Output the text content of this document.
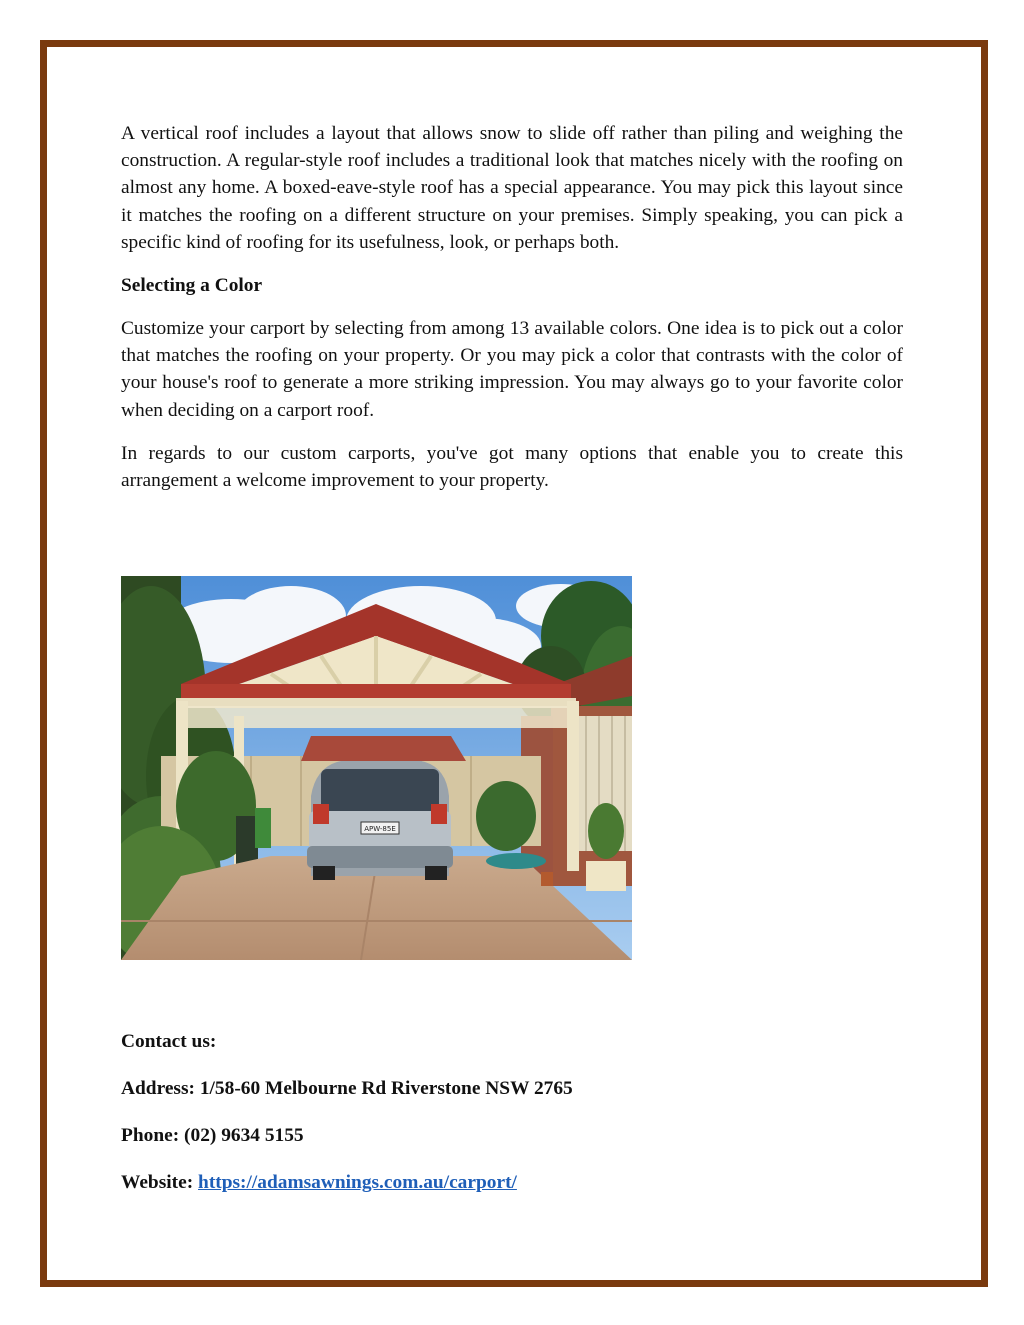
A vertical roof includes a layout that allows snow to slide off rather than piling and weighing the construction. A regular-style roof includes a traditional look that matches nicely with the roofing on almost any home. A boxed-eave-style roof has a special appearance. You may pick this layout since it matches the roofing on a different structure on your premises. Simply speaking, you can pick a specific kind of roofing for its usefulness, look, or perhaps both.

Selecting a Color

Customize your carport by selecting from among 13 available colors. One idea is to pick out a color that matches the roofing on your property. Or you may pick a color that contrasts with the color of your house's roof to generate a more striking impression. You may always go to your favorite color when deciding on a carport roof.

In regards to our custom carports, you've got many options that enable you to create this arrangement a welcome improvement to your property.

APW-85E

Contact us:

Address: 1/58-60 Melbourne Rd Riverstone NSW 2765

Phone: (02) 9634 5155

Website: https://adamsawnings.com.au/carport/
